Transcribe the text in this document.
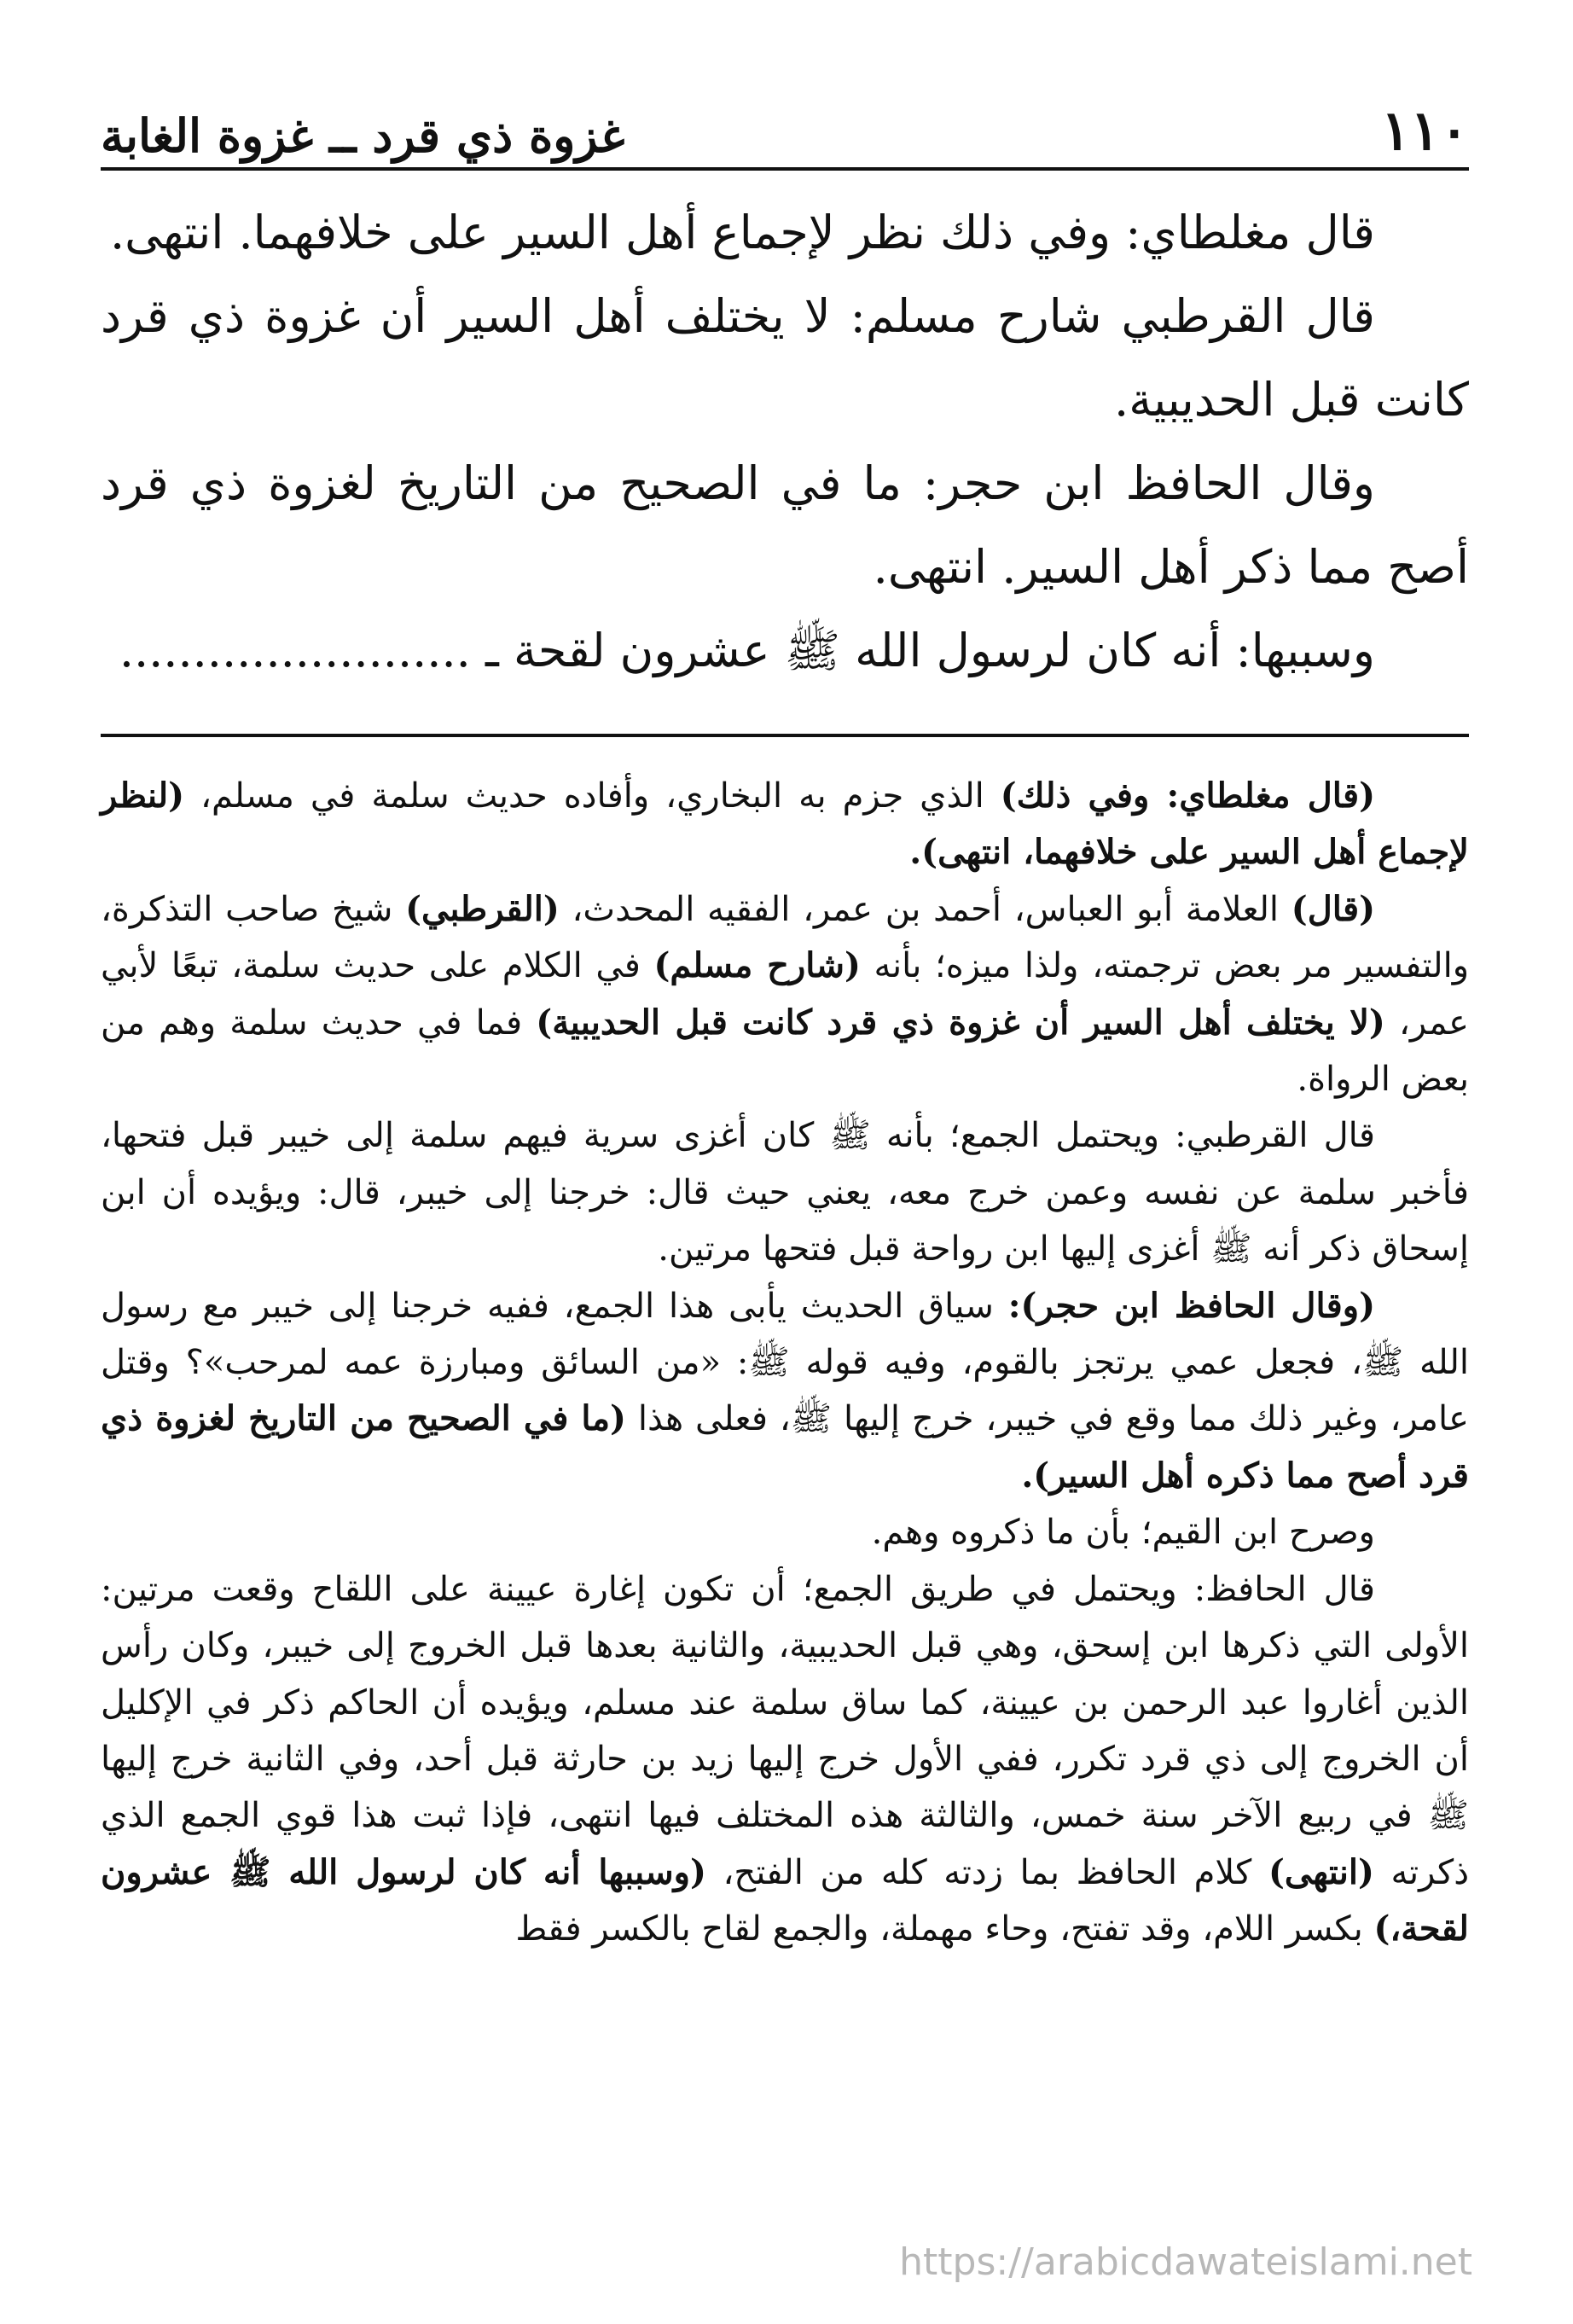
١١٠
غزوة ذي قرد ــ غزوة الغابة

قال مغلطاي: وفي ذلك نظر لإجماع أهل السير على خلافهما. انتهى.

قال القرطبي شارح مسلم: لا يختلف أهل السير أن غزوة ذي قرد كانت قبل الحديبية.

وقال الحافظ ابن حجر: ما في الصحيح من التاريخ لغزوة ذي قرد أصح مما ذكر أهل السير. انتهى.

وسببها: أنه كان لرسول الله ﷺ عشرون لقحة ـ ........................

(قال مغلطاي: وفي ذلك) الذي جزم به البخاري، وأفاده حديث سلمة في مسلم، (لنظر لإجماع أهل السير على خلافهما، انتهى).

(قال) العلامة أبو العباس، أحمد بن عمر، الفقيه المحدث، (القرطبي) شيخ صاحب التذكرة، والتفسير مر بعض ترجمته، ولذا ميزه؛ بأنه (شارح مسلم) في الكلام على حديث سلمة، تبعًا لأبي عمر، (لا يختلف أهل السير أن غزوة ذي قرد كانت قبل الحديبية) فما في حديث سلمة وهم من بعض الرواة.

قال القرطبي: ويحتمل الجمع؛ بأنه ﷺ كان أغزى سرية فيهم سلمة إلى خيبر قبل فتحها، فأخبر سلمة عن نفسه وعمن خرج معه، يعني حيث قال: خرجنا إلى خيبر، قال: ويؤيده أن ابن إسحاق ذكر أنه ﷺ أغزى إليها ابن رواحة قبل فتحها مرتين.

(وقال الحافظ ابن حجر): سياق الحديث يأبى هذا الجمع، ففيه خرجنا إلى خيبر مع رسول الله ﷺ، فجعل عمي يرتجز بالقوم، وفيه قوله ﷺ: «من السائق ومبارزة عمه لمرحب»؟ وقتل عامر، وغير ذلك مما وقع في خيبر، خرج إليها ﷺ، فعلى هذا (ما في الصحيح من التاريخ لغزوة ذي قرد أصح مما ذكره أهل السير).

وصرح ابن القيم؛ بأن ما ذكروه وهم.

قال الحافظ: ويحتمل في طريق الجمع؛ أن تكون إغارة عيينة على اللقاح وقعت مرتين: الأولى التي ذكرها ابن إسحق، وهي قبل الحديبية، والثانية بعدها قبل الخروج إلى خيبر، وكان رأس الذين أغاروا عبد الرحمن بن عيينة، كما ساق سلمة عند مسلم، ويؤيده أن الحاكم ذكر في الإكليل أن الخروج إلى ذي قرد تكرر، ففي الأول خرج إليها زيد بن حارثة قبل أحد، وفي الثانية خرج إليها ﷺ في ربيع الآخر سنة خمس، والثالثة هذه المختلف فيها انتهى، فإذا ثبت هذا قوي الجمع الذي ذكرته (انتهى) كلام الحافظ بما زدته كله من الفتح، (وسببها أنه كان لرسول الله ﷺ عشرون لقحة،) بكسر اللام، وقد تفتح، وحاء مهملة، والجمع لقاح بالكسر فقط

https://arabicdawateislami.net
